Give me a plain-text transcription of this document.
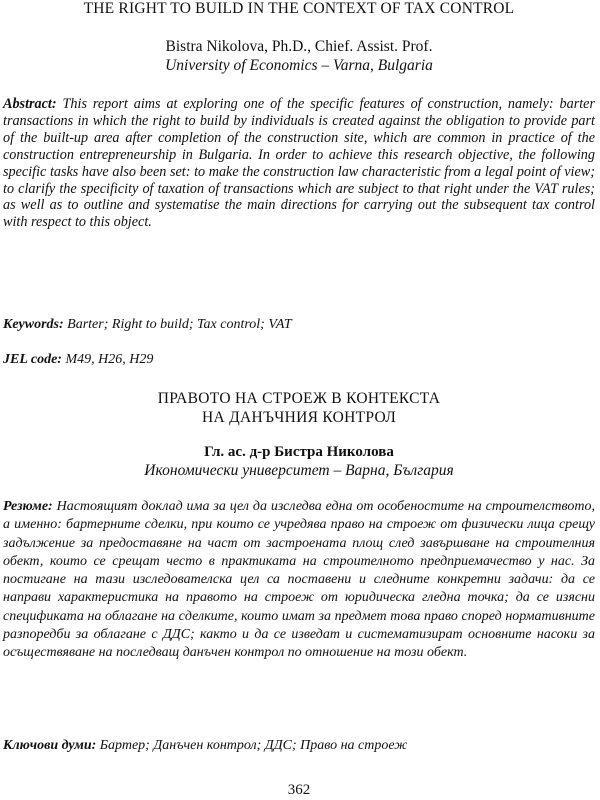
THE RIGHT TO BUILD IN THE CONTEXT OF TAX CONTROL
Bistra Nikolova, Ph.D., Chief. Assist. Prof.
University of Economics – Varna, Bulgaria
Abstract: This report aims at exploring one of the specific features of construction, namely: barter transactions in which the right to build by individuals is created against the obligation to provide part of the built-up area after completion of the construction site, which are common in practice of the construction entrepreneurship in Bulgaria. In order to achieve this research objective, the following specific tasks have also been set: to make the construction law characteristic from a legal point of view; to clarify the specificity of taxation of transactions which are subject to that right under the VAT rules; as well as to outline and systematise the main directions for carrying out the subsequent tax control with respect to this object.
Keywords: Barter; Right to build; Tax control; VAT
JEL code: M49, H26, H29
ПРАВОТО НА СТРОЕЖ В КОНТЕКСТА
НА ДАНЪЧНИЯ КОНТРОЛ
Гл. ас. д-р Бистра Николова
Икономически университет – Варна, България
Резюме: Настоящият доклад има за цел да изследва една от особеностите на строителството, а именно: бартерните сделки, при които се учредява право на строеж от физически лица срещу задължение за предоставяне на част от застроената площ след завършване на строителния обект, които се срещат често в практиката на строителното предприемачество у нас. За постигане на тази изследователска цел са поставени и следните конкретни задачи: да се направи характеристика на правото на строеж от юридическа гледна точка; да се изясни спецификата на облагане на сделките, които имат за предмет това право според нормативните разпоредби за облагане с ДДС; както и да се изведат и систематизират основните насоки за осъществяване на последващ данъчен контрол по отношение на този обект.
Ключови думи: Бартер; Данъчен контрол; ДДС; Право на строеж
362
